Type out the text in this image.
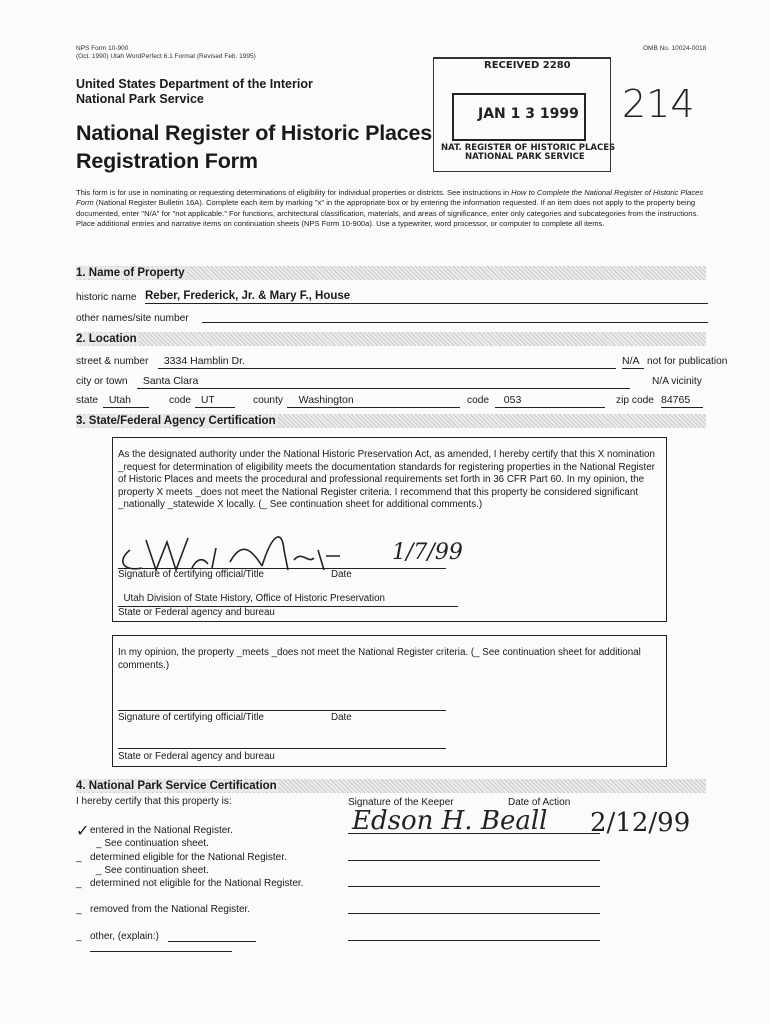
NPS Form 10-900
(Oct. 1990) Utah WordPerfect 6.1 Format (Revised Feb. 1995)
OMB No. 10024-0018
United States Department of the Interior
National Park Service
National Register of Historic Places
Registration Form
RECEIVED 2280
JAN 1 3 1999
NAT. REGISTER OF HISTORIC PLACES
NATIONAL PARK SERVICE
214
This form is for use in nominating or requesting determinations of eligibility for individual properties or districts. See instructions in How to Complete the National Register of Historic Places Form (National Register Bulletin 16A). Complete each item by marking "x" in the appropriate box or by entering the information requested. If an item does not apply to the property being documented, enter "N/A" for "not applicable." For functions, architectural classification, materials, and areas of significance, enter only categories and subcategories from the instructions. Place additional entries and narrative items on continuation sheets (NPS Form 10-900a). Use a typewriter, word processor, or computer to complete all items.
1. Name of Property
historic name Reber, Frederick, Jr. & Mary F., House
other names/site number
2. Location
street & number	3334 Hamblin Dr.	N/A not for publication
city or town	Santa Clara	N/A vicinity
state	Utah	code UT	county	Washington	code	053	zip code 84765
3. State/Federal Agency Certification
As the designated authority under the National Historic Preservation Act, as amended, I hereby certify that this X nomination _request for determination of eligibility meets the documentation standards for registering properties in the National Register of Historic Places and meets the procedural and professional requirements set forth in 36 CFR Part 60. In my opinion, the property X meets _does not meet the National Register criteria. I recommend that this property be considered significant _nationally _statewide X locally. (_ See continuation sheet for additional comments.)
1/7/99
Signature of certifying official/Title	Date
Utah Division of State History, Office of Historic Preservation
State or Federal agency and bureau
In my opinion, the property _meets _does not meet the National Register criteria. (_ See continuation sheet for additional comments.)
Signature of certifying official/Title	Date
State or Federal agency and bureau
4. National Park Service Certification
I hereby certify that this property is:	Signature of the Keeper	Date of Action
Edson H. Beall 2/12/99
✓ entered in the National Register.
_ See continuation sheet.
_ determined eligible for the National Register.
_ See continuation sheet.
_ determined not eligible for the National Register.
_ removed from the National Register.
_ other, (explain:)
